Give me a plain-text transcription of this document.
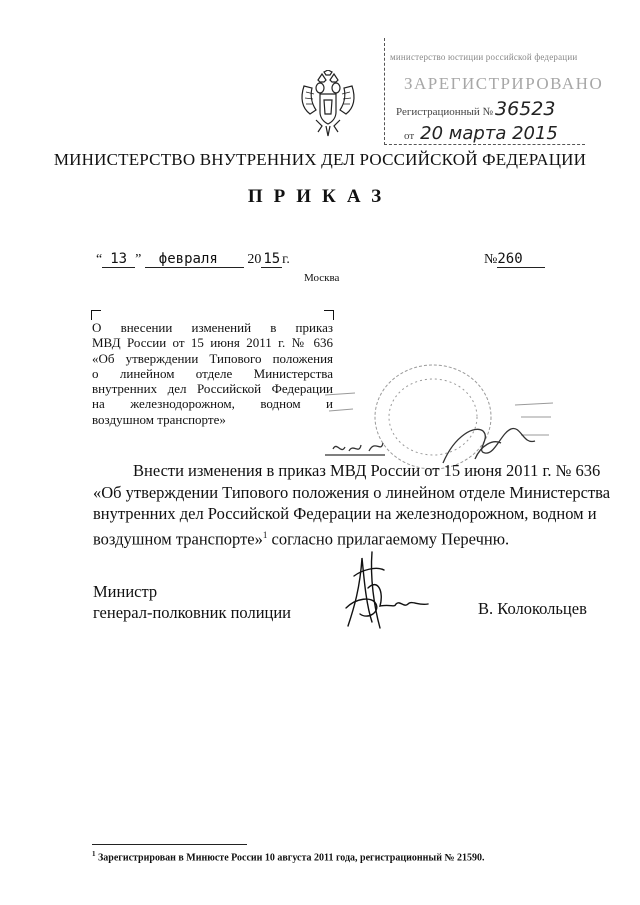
министерство юстиции российской федерации
ЗАРЕГИСТРИРОВАНО
Регистрационный № 36523
от 20 марта 2015
МИНИСТЕРСТВО ВНУТРЕННИХ ДЕЛ РОССИЙСКОЙ ФЕДЕРАЦИИ
ПРИКАЗ
“ 13 ” февраля 20 15 г.	№260
Москва
О внесении изменений в приказ
МВД России от 15 июня 2011 г. № 636
«Об утверждении Типового положения
о линейном отделе Министерства
внутренних дел Российской Федерации
на железнодорожном, водном и
воздушном транспорте»
Внести изменения в приказ МВД России от 15 июня 2011 г. № 636
«Об утверждении Типового положения о линейном отделе Министерства
внутренних дел Российской Федерации на железнодорожном, водном и
воздушном транспорте»$^1$ согласно прилагаемому Перечню.
Министр
генерал-полковник полиции	В. Колокольцев
$^1$ Зарегистрирован в Минюсте России 10 августа 2011 года, регистрационный № 21590.
